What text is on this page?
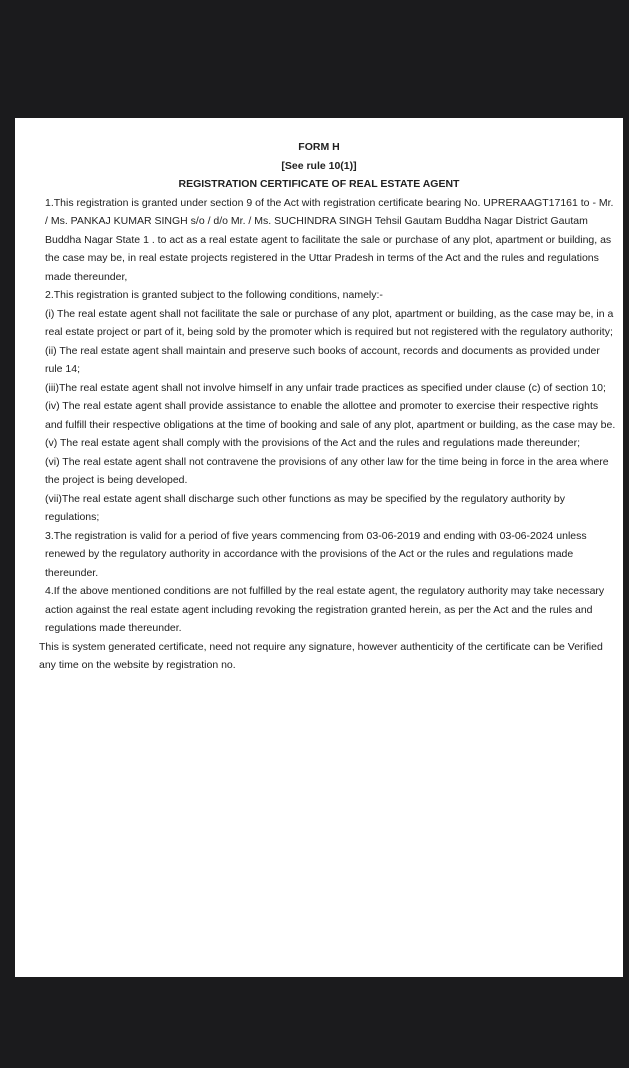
FORM H
[See rule 10(1)]
REGISTRATION CERTIFICATE OF REAL ESTATE AGENT
1.This registration is granted under section 9 of the Act with registration certificate bearing No. UPRERAAGT17161 to - Mr. / Ms. PANKAJ KUMAR SINGH s/o / d/o Mr. / Ms. SUCHINDRA SINGH Tehsil Gautam Buddha Nagar District Gautam Buddha Nagar State 1 . to act as a real estate agent to facilitate the sale or purchase of any plot, apartment or building, as the case may be, in real estate projects registered in the Uttar Pradesh in terms of the Act and the rules and regulations made thereunder,
2.This registration is granted subject to the following conditions, namely:-
(i) The real estate agent shall not facilitate the sale or purchase of any plot, apartment or building, as the case may be, in a real estate project or part of it, being sold by the promoter which is required but not registered with the regulatory authority;
(ii) The real estate agent shall maintain and preserve such books of account, records and documents as provided under rule 14;
(iii)The real estate agent shall not involve himself in any unfair trade practices as specified under clause (c) of section 10;
(iv) The real estate agent shall provide assistance to enable the allottee and promoter to exercise their respective rights and fulfill their respective obligations at the time of booking and sale of any plot, apartment or building, as the case may be.
(v) The real estate agent shall comply with the provisions of the Act and the rules and regulations made thereunder;
(vi) The real estate agent shall not contravene the provisions of any other law for the time being in force in the area where the project is being developed.
(vii)The real estate agent shall discharge such other functions as may be specified by the regulatory authority by regulations;
3.The registration is valid for a period of five years commencing from 03-06-2019 and ending with 03-06-2024 unless renewed by the regulatory authority in accordance with the provisions of the Act or the rules and regulations made thereunder.
4.If the above mentioned conditions are not fulfilled by the real estate agent, the regulatory authority may take necessary action against the real estate agent including revoking the registration granted herein, as per the Act and the rules and regulations made thereunder.
This is system generated certificate, need not require any signature, however authenticity of the certificate can be Verified any time on the website by registration no.
